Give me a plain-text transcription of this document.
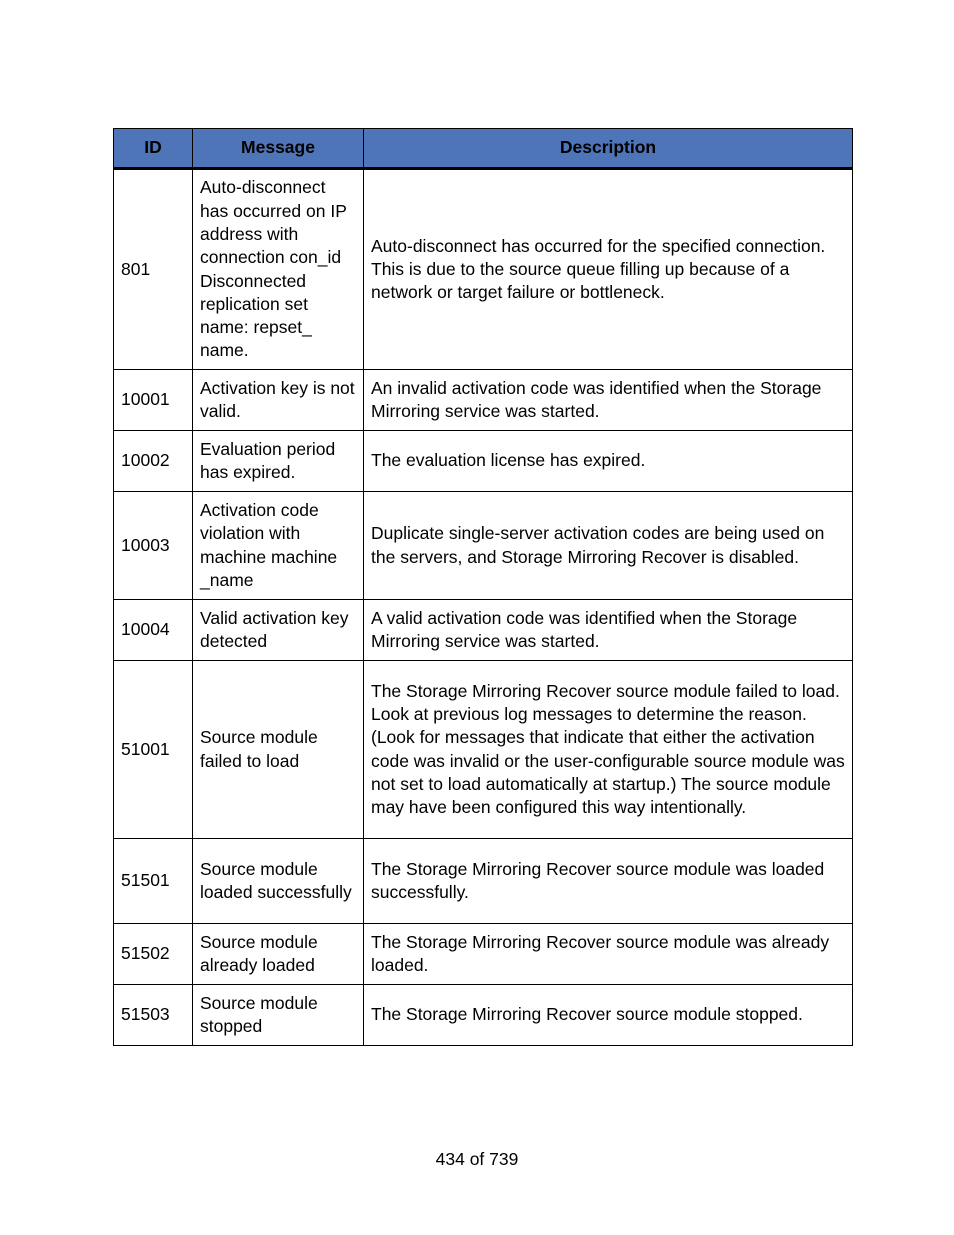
ID	Message	Description
801	Auto-disconnect has occurred on IP address with connection con_id Disconnected replication set name: repset_ name.	Auto-disconnect has occurred for the specified connection. This is due to the source queue filling up because of a network or target failure or bottleneck.
10001	Activation key is not valid.	An invalid activation code was identified when the Storage Mirroring service was started.
10002	Evaluation period has expired.	The evaluation license has expired.
10003	Activation code violation with machine machine _name	Duplicate single-server activation codes are being used on the servers, and Storage Mirroring Recover is disabled.
10004	Valid activation key detected	A valid activation code was identified when the Storage Mirroring service was started.
51001	Source module failed to load	The Storage Mirroring Recover source module failed to load. Look at previous log messages to determine the reason. (Look for messages that indicate that either the activation code was invalid or the user-configurable source module was not set to load automatically at startup.) The source module may have been configured this way intentionally.
51501	Source module loaded successfully	The Storage Mirroring Recover source module was loaded successfully.
51502	Source module already loaded	The Storage Mirroring Recover source module was already loaded.
51503	Source module stopped	The Storage Mirroring Recover source module stopped.
434 of 739
